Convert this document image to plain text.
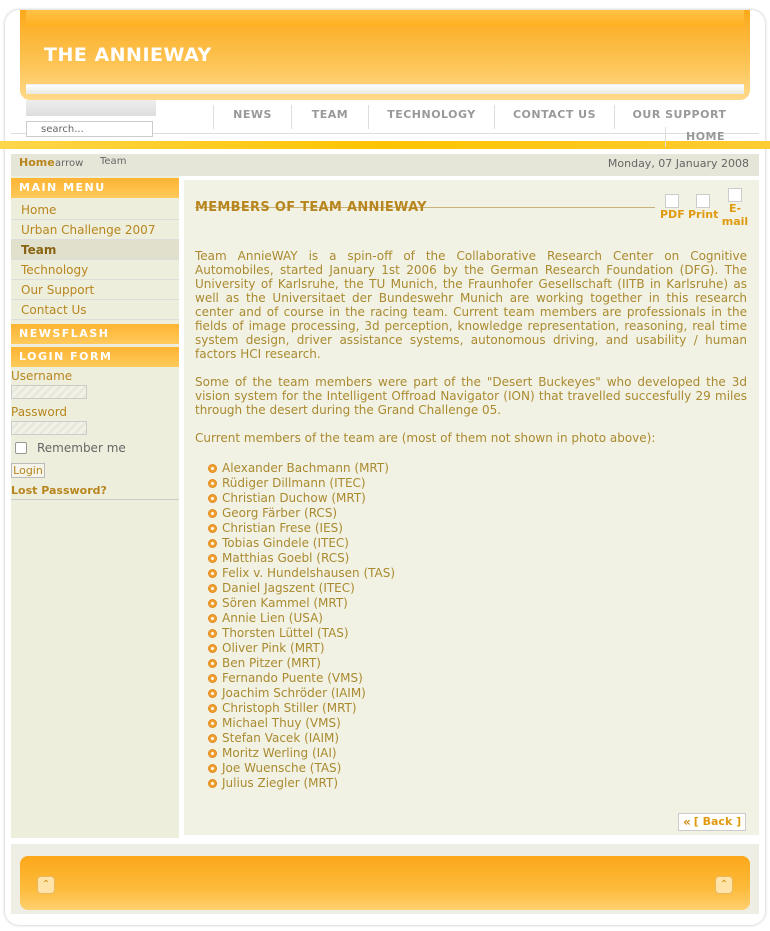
THE ANNIEWAY
NEWS	TEAM	TECHNOLOGY	CONTACT US	OUR SUPPORT
search...
HOME
Home arrow Team	Monday, 07 January 2008
MAIN MENU
Home
Urban Challenge 2007
Team
Technology
Our Support
Contact Us
NEWSFLASH
LOGIN FORM
Username
Password
Remember me
Login
Lost Password?
MEMBERS OF TEAM ANNIEWAY	PDF Print E-mail
Team AnnieWAY is a spin-off of the Collaborative Research Center on Cognitive Automobiles, started January 1st 2006 by the German Research Foundation (DFG). The University of Karlsruhe, the TU Munich, the Fraunhofer Gesellschaft (IITB in Karlsruhe) as well as the Universitaet der Bundeswehr Munich are working together in this research center and of course in the racing team. Current team members are professionals in the fields of image processing, 3d perception, knowledge representation, reasoning, real time system design, driver assistance systems, autonomous driving, and usability / human factors HCI research.
Some of the team members were part of the "Desert Buckeyes" who developed the 3d vision system for the Intelligent Offroad Navigator (ION) that travelled succesfully 29 miles through the desert during the Grand Challenge 05.
Current members of the team are (most of them not shown in photo above):
Alexander Bachmann (MRT)
Rüdiger Dillmann (ITEC)
Christian Duchow (MRT)
Georg Färber (RCS)
Christian Frese (IES)
Tobias Gindele (ITEC)
Matthias Goebl (RCS)
Felix v. Hundelshausen (TAS)
Daniel Jagszent (ITEC)
Sören Kammel (MRT)
Annie Lien (USA)
Thorsten Lüttel (TAS)
Oliver Pink (MRT)
Ben Pitzer (MRT)
Fernando Puente (VMS)
Joachim Schröder (IAIM)
Christoph Stiller (MRT)
Michael Thuy (VMS)
Stefan Vacek (IAIM)
Moritz Werling (IAI)
Joe Wuensche (TAS)
Julius Ziegler (MRT)
« [ Back ]
⌃	⌃
